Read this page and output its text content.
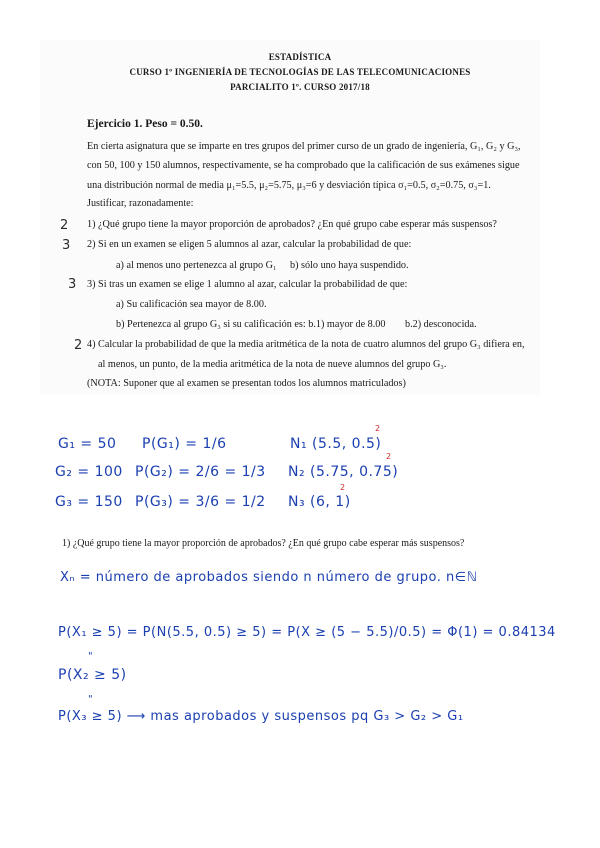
ESTADÍSTICA
CURSO 1º INGENIERÍA DE TECNOLOGÍAS DE LAS TELECOMUNICACIONES
PARCIALITO 1º. CURSO 2017/18
Ejercicio 1. Peso = 0.50.
En cierta asignatura que se imparte en tres grupos del primer curso de un grado de ingeniería, G₁, G₂ y G₃,
con 50, 100 y 150 alumnos, respectivamente, se ha comprobado que la calificación de sus exámenes sigue
una distribución normal de media μ₁=5.5, μ₂=5.75, μ₃=6 y desviación típica σ₁=0.5, σ₂=0.75, σ₃=1.
Justificar, razonadamente:
2 1) ¿Qué grupo tiene la mayor proporción de aprobados? ¿En qué grupo cabe esperar más suspensos?
3 2) Si en un examen se eligen 5 alumnos al azar, calcular la probabilidad de que:
a) al menos uno pertenezca al grupo G₁ b) sólo uno haya suspendido.
3 3) Si tras un examen se elige 1 alumno al azar, calcular la probabilidad de que:
a) Su calificación sea mayor de 8.00.
b) Pertenezca al grupo G₃ si su calificación es: b.1) mayor de 8.00 b.2) desconocida.
2 4) Calcular la probabilidad de que la media aritmética de la nota de cuatro alumnos del grupo G₃ difiera en,
al menos, un punto, de la media aritmética de la nota de nueve alumnos del grupo G₃.
(NOTA: Suponer que al examen se presentan todos los alumnos matriculados)
G₁ = 50 P(G₁) = 1/6	N₁ (5.5, 0.5)
2
G₂ = 100 P(G₂) = 2/6 = 1/3 N₂ (5.75, 0.75)
2
G₃ = 150 P(G₃) = 3/6 = 1/2 N₃ (6, 1)
2
1) ¿Qué grupo tiene la mayor proporción de aprobados? ¿En qué grupo cabe esperar más suspensos?
Xₙ = número de aprobados siendo n número de grupo. n∈ℕ
P(X₁ ≥ 5) = P(N(5.5, 0.5) ≥ 5) = P(X ≥ (5 − 5.5)/0.5) = Φ(1) = 0.84134
"
P(X₂ ≥ 5)
"
P(X₃ ≥ 5) ⟶ mas aprobados y suspensos pq G₃ > G₂ > G₁
